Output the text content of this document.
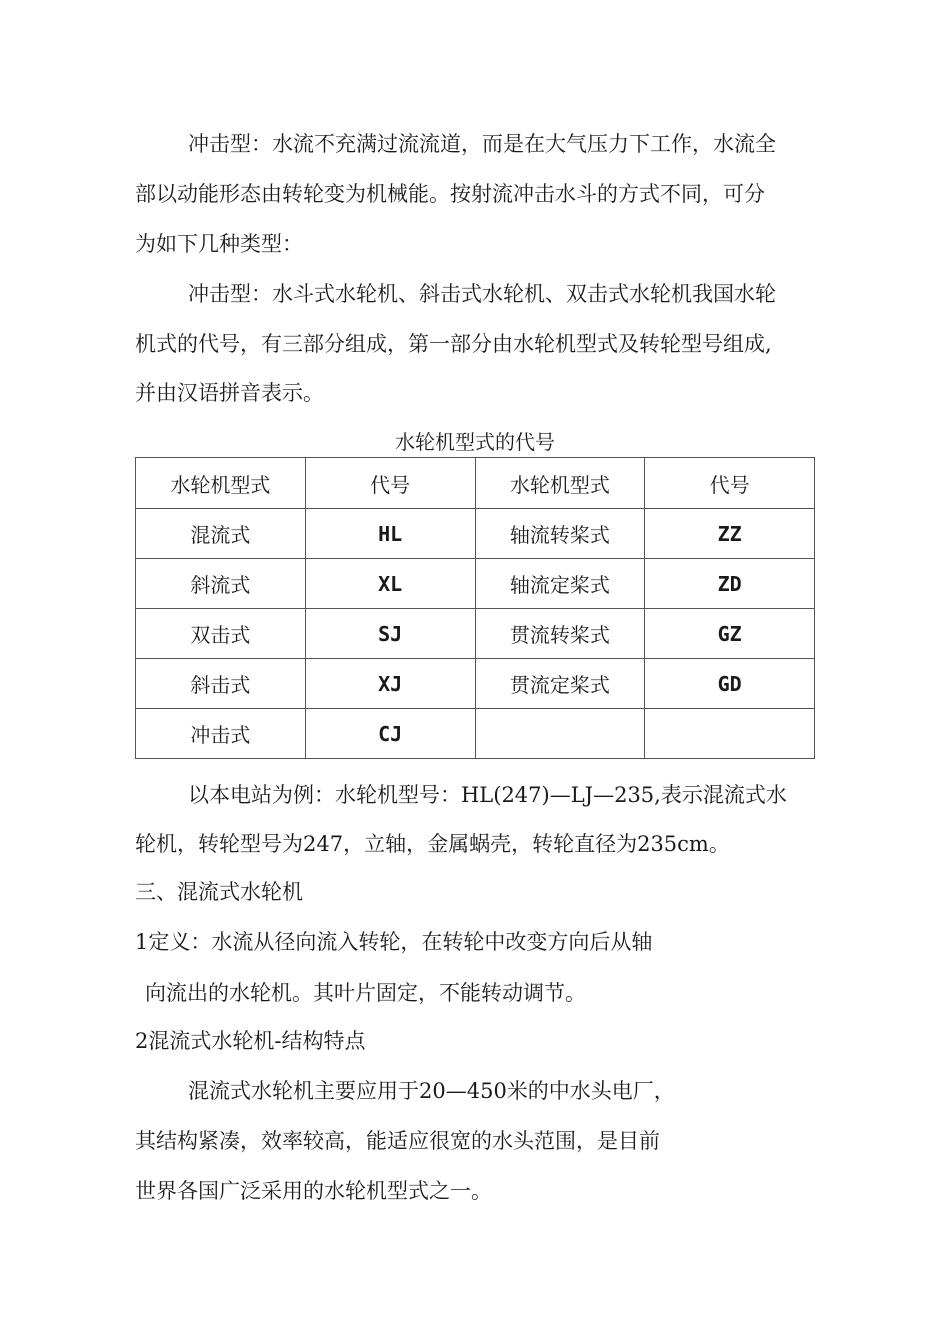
冲击型：水流不充满过流流道，而是在大气压力下工作，水流全

部以动能形态由转轮变为机械能。按射流冲击水斗的方式不同，可分

为如下几种类型：

冲击型：水斗式水轮机、斜击式水轮机、双击式水轮机我国水轮

机式的代号，有三部分组成，第一部分由水轮机型式及转轮型号组成,

并由汉语拼音表示。

水轮机型式的代号

水轮机型式	代号	水轮机型式	代号
混流式	HL	轴流转桨式	ZZ
斜流式	XL	轴流定桨式	ZD
双击式	SJ	贯流转桨式	GZ
斜击式	XJ	贯流定桨式	GD
冲击式	CJ		

以本电站为例：水轮机型号：HL(247)—LJ—235,表示混流式水

轮机，转轮型号为247，立轴，金属蜗壳，转轮直径为235cm。

三、混流式水轮机

1定义：水流从径向流入转轮，在转轮中改变方向后从轴

向流出的水轮机。其叶片固定，不能转动调节。

2混流式水轮机-结构特点

混流式水轮机主要应用于20—450米的中水头电厂，

其结构紧凑，效率较高，能适应很宽的水头范围，是目前

世界各国广泛采用的水轮机型式之一。
